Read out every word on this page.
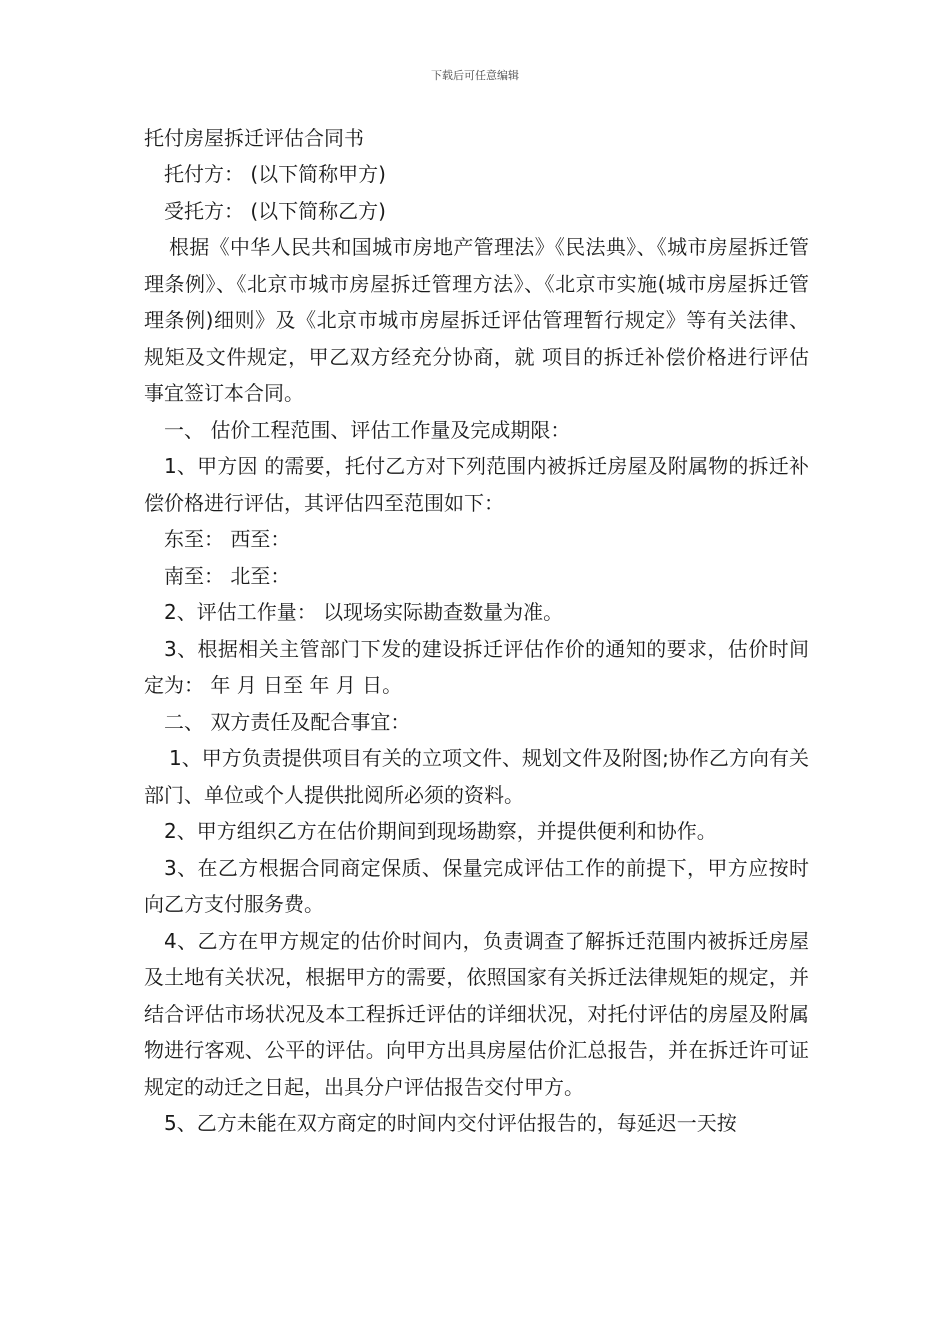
下载后可任意编辑

托付房屋拆迁评估合同书

托付方： (以下简称甲方)

受托方： (以下简称乙方)

根据《中华人民共和国城市房地产管理法》《民法典》、《城市房屋拆迁管理条例》、《北京市城市房屋拆迁管理方法》、《北京市实施(城市房屋拆迁管理条例)细则》及《北京市城市房屋拆迁评估管理暂行规定》等有关法律、规矩及文件规定，甲乙双方经充分协商，就 项目的拆迁补偿价格进行评估事宜签订本合同。

一、 估价工程范围、评估工作量及完成期限：

1、甲方因 的需要，托付乙方对下列范围内被拆迁房屋及附属物的拆迁补偿价格进行评估，其评估四至范围如下：

东至： 西至：

南至： 北至：

2、评估工作量： 以现场实际勘查数量为准。

3、根据相关主管部门下发的建设拆迁评估作价的通知的要求，估价时间定为： 年 月 日至 年 月 日。

二、 双方责任及配合事宜：

1、甲方负责提供项目有关的立项文件、规划文件及附图;协作乙方向有关部门、单位或个人提供批阅所必须的资料。

2、甲方组织乙方在估价期间到现场勘察，并提供便利和协作。

3、在乙方根据合同商定保质、保量完成评估工作的前提下，甲方应按时向乙方支付服务费。

4、乙方在甲方规定的估价时间内，负责调查了解拆迁范围内被拆迁房屋及土地有关状况，根据甲方的需要，依照国家有关拆迁法律规矩的规定，并结合评估市场状况及本工程拆迁评估的详细状况，对托付评估的房屋及附属物进行客观、公平的评估。向甲方出具房屋估价汇总报告，并在拆迁许可证规定的动迁之日起，出具分户评估报告交付甲方。

5、乙方未能在双方商定的时间内交付评估报告的，每延迟一天按
